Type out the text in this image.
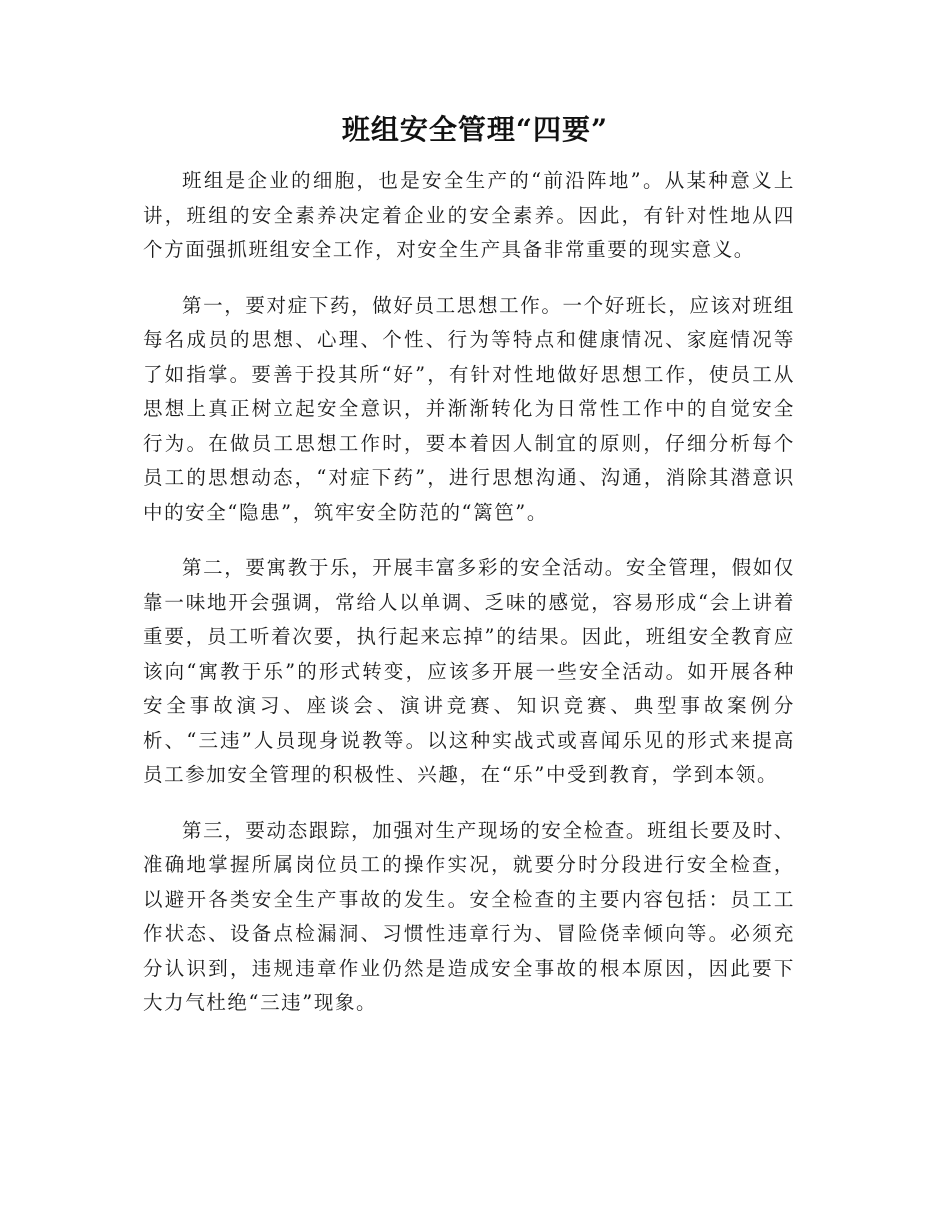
班组安全管理“四要”

班组是企业的细胞，也是安全生产的“前沿阵地”。从某种意义上讲，班组的安全素养决定着企业的安全素养。因此，有针对性地从四个方面强抓班组安全工作，对安全生产具备非常重要的现实意义。

第一，要对症下药，做好员工思想工作。一个好班长，应该对班组每名成员的思想、心理、个性、行为等特点和健康情况、家庭情况等了如指掌。要善于投其所“好”，有针对性地做好思想工作，使员工从思想上真正树立起安全意识，并渐渐转化为日常性工作中的自觉安全行为。在做员工思想工作时，要本着因人制宜的原则，仔细分析每个员工的思想动态，“对症下药”，进行思想沟通、沟通，消除其潜意识中的安全“隐患”，筑牢安全防范的“篱笆”。

第二，要寓教于乐，开展丰富多彩的安全活动。安全管理，假如仅靠一味地开会强调，常给人以单调、乏味的感觉，容易形成“会上讲着重要，员工听着次要，执行起来忘掉”的结果。因此，班组安全教育应该向“寓教于乐”的形式转变，应该多开展一些安全活动。如开展各种安全事故演习、座谈会、演讲竞赛、知识竞赛、典型事故案例分析、“三违”人员现身说教等。以这种实战式或喜闻乐见的形式来提高员工参加安全管理的积极性、兴趣，在“乐”中受到教育，学到本领。

第三，要动态跟踪，加强对生产现场的安全检查。班组长要及时、准确地掌握所属岗位员工的操作实况，就要分时分段进行安全检查，以避开各类安全生产事故的发生。安全检查的主要内容包括：员工工作状态、设备点检漏洞、习惯性违章行为、冒险侥幸倾向等。必须充分认识到，违规违章作业仍然是造成安全事故的根本原因，因此要下大力气杜绝“三违”现象。
